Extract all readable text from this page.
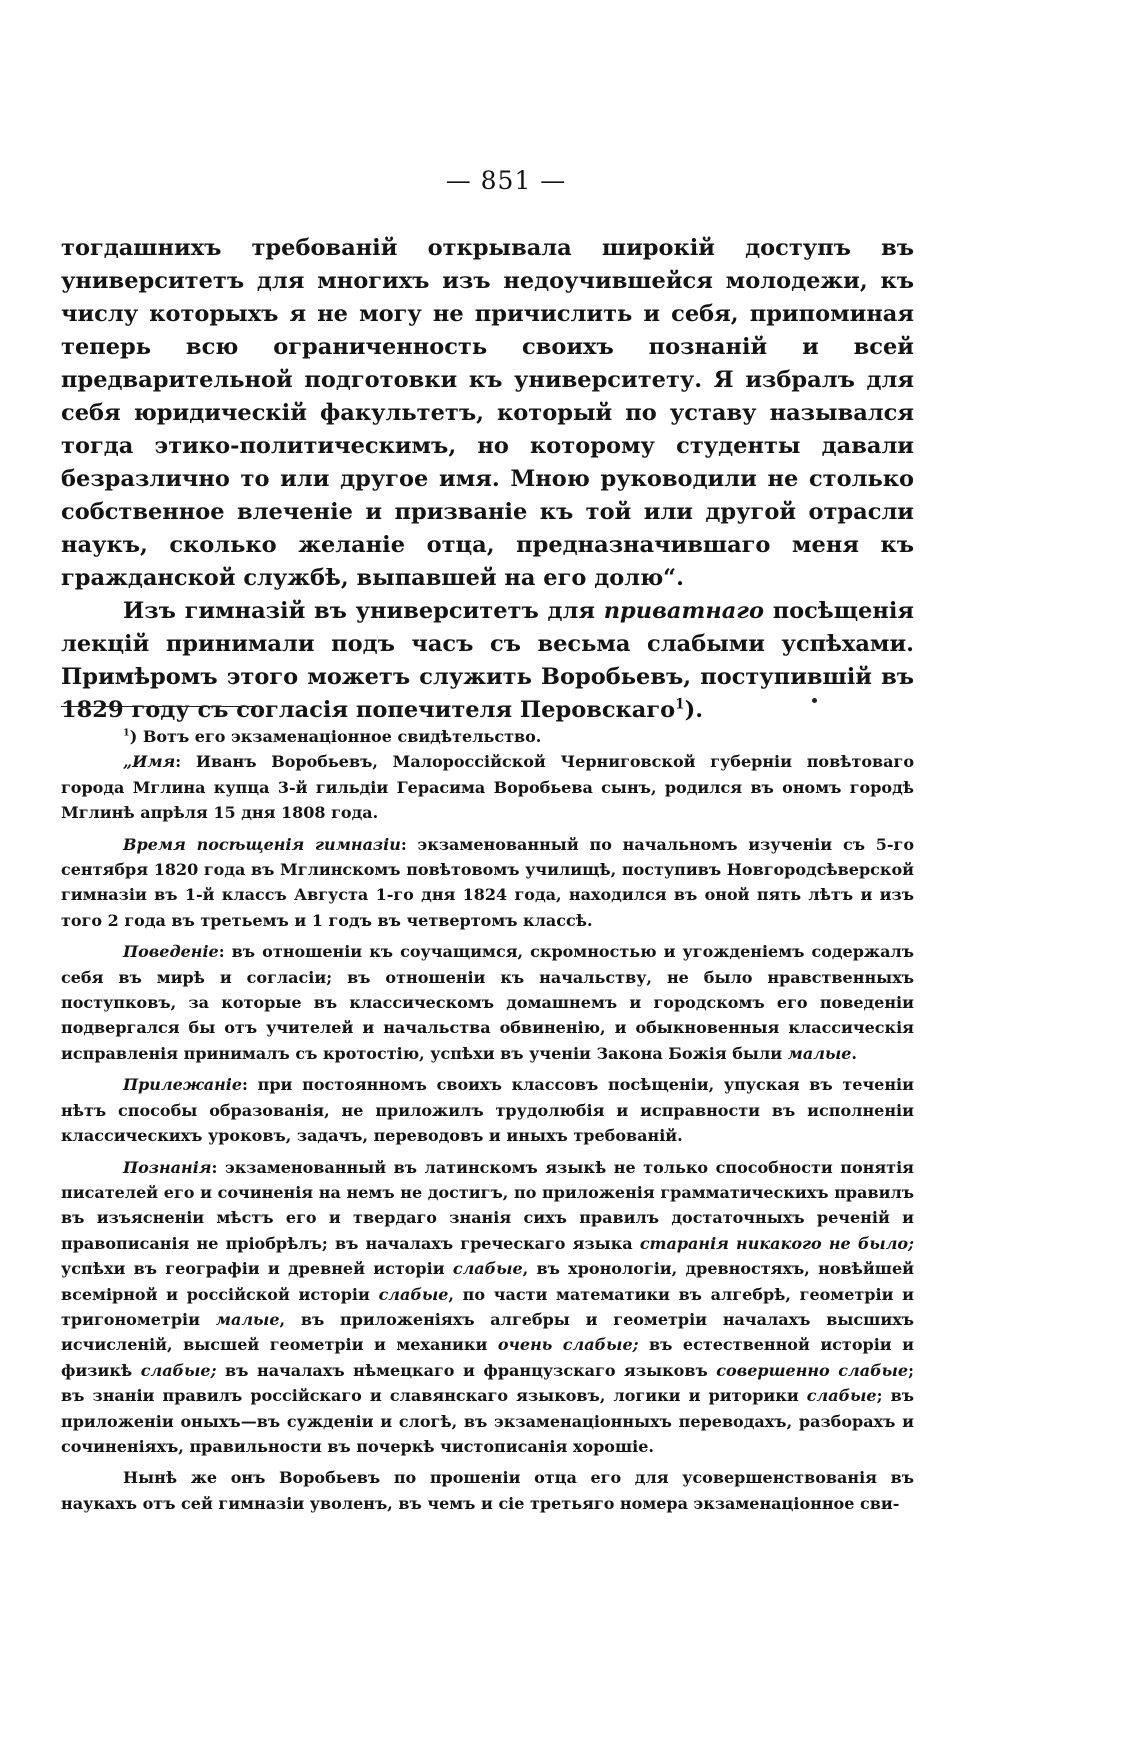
— 851 —

тогдашнихъ требованій открывала широкій доступъ въ университетъ для многихъ изъ недоучившейся молодежи, къ числу которыхъ я не могу не причислить и себя, припоминая теперь всю ограниченность своихъ познаній и всей предварительной подготовки къ университету. Я избралъ для себя юридическій факультетъ, который по уставу назывался тогда этико-политическимъ, но которому студенты давали безразлично то или другое имя. Мною руководили не столько собственное влеченіе и призваніе къ той или другой отрасли наукъ, сколько желаніе отца, предназначившаго меня къ гражданской службѣ, выпавшей на его долю“.

Изъ гимназій въ университетъ для приватнаго посѣщенія лекцій принимали подъ часъ съ весьма слабыми успѣхами. Примѣромъ этого можетъ служить Воробьевъ, поступившій въ 1829 году съ согласія попечителя Перовскаго$^1$).

$^1$) Вотъ его экзаменаціонное свидѣтельство.

„Имя: Иванъ Воробьевъ, Малороссійской Черниговской губерніи повѣтоваго города Мглина купца 3-й гильдіи Герасима Воробьева сынъ, родился въ ономъ городѣ Мглинѣ апрѣля 15 дня 1808 года.

Время посѣщенія гимназіи: экзаменованный по начальномъ изученіи съ 5-го сентября 1820 года въ Мглинскомъ повѣтовомъ училищѣ, поступивъ Новгородсѣверской гимназіи въ 1-й классъ Августа 1-го дня 1824 года, находился въ оной пять лѣтъ и изъ того 2 года въ третьемъ и 1 годъ въ четвертомъ классѣ.

Поведеніе: въ отношеніи къ соучащимся, скромностью и угожденіемъ содержалъ себя въ мирѣ и согласіи; въ отношеніи къ начальству, не было нравственныхъ поступковъ, за которые въ классическомъ домашнемъ и городскомъ его поведеніи подвергался бы отъ учителей и начальства обвиненію, и обыкновенныя классическія исправленія принималъ съ кротостію, успѣхи въ ученіи Закона Божія были малые.

Прилежаніе: при постоянномъ своихъ классовъ посѣщеніи, упуская въ теченіи нѣтъ способы образованія, не приложилъ трудолюбія и исправности въ исполненіи классическихъ уроковъ, задачъ, переводовъ и иныхъ требованій.

Познанія: экзаменованный въ латинскомъ языкѣ не только способности понятія писателей его и сочиненія на немъ не достигъ, по приложенія грамматическихъ правилъ въ изъясненіи мѣстъ его и твердаго знанія сихъ правилъ достаточныхъ реченій и правописанія не пріобрѣлъ; въ началахъ греческаго языка старанія никакого не было; успѣхи въ географіи и древней исторіи слабые, въ хронологіи, древностяхъ, новѣйшей всемірной и россійской исторіи слабые, по части математики въ алгебрѣ, геометріи и тригонометріи малые, въ приложеніяхъ алгебры и геометріи началахъ высшихъ исчисленій, высшей геометріи и механики очень слабые; въ естественной исторіи и физикѣ слабые; въ началахъ нѣмецкаго и французскаго языковъ совершенно слабые; въ знаніи правилъ россійскаго и славянскаго языковъ, логики и риторики слабые; въ приложеніи оныхъ—въ сужденіи и слогѣ, въ экзаменаціонныхъ переводахъ, разборахъ и сочиненіяхъ, правильности въ почеркѣ чистописанія хорошіе.

Нынѣ же онъ Воробьевъ по прошеніи отца его для усовершенствованія въ наукахъ отъ сей гимназіи уволенъ, въ чемъ и сіе третьяго номера экзаменаціонное сви-
